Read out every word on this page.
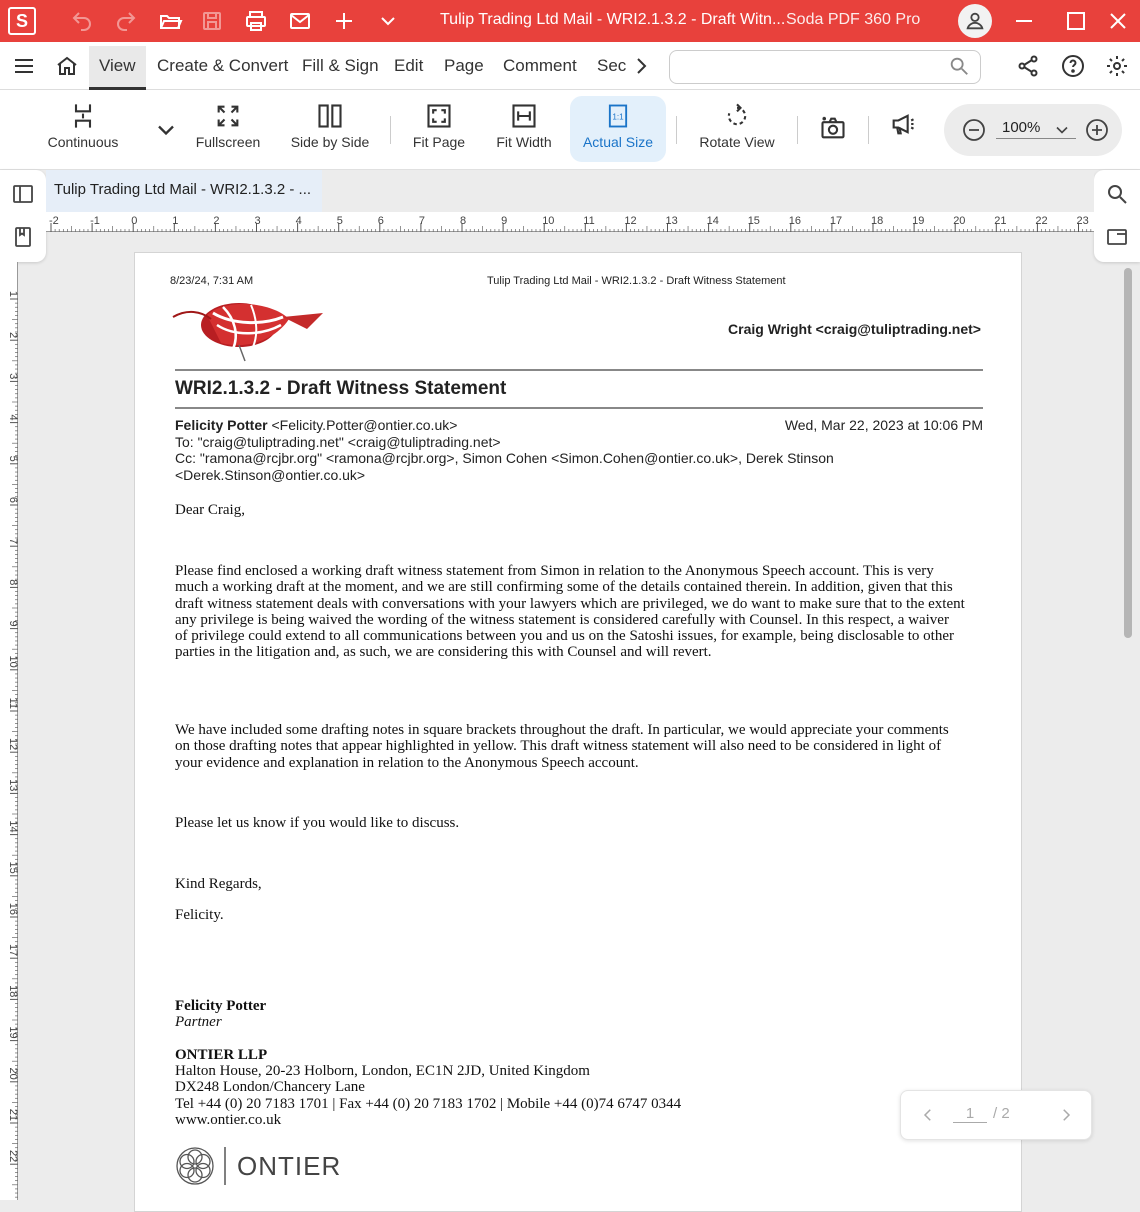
S	Tulip Trading Ltd Mail - WRI2.1.3.2 - Draft Witn... Soda PDF 360 Pro
View	Create & Convert Fill & Sign Edit Page Comment Sec
Continuous	Fullscreen	Side by Side	Fit Page	Fit Width
1:1
Actual Size	Rotate View
100%
Tulip Trading Ltd Mail - WRI2.1.3.2 - ...
-2	-1	0	1	2	3	4	5	6	7	8	9	10	11	12	13	14	15	16	17	18	19	20	21	22	23
1
2
3
4
5
6
7
8
9
10
11
12
13
14
15
16
17
18
19
20
21
22
8/23/24, 7:31 AM	Tulip Trading Ltd Mail - WRI2.1.3.2 - Draft Witness Statement
Craig Wright <craig@tuliptrading.net>
WRI2.1.3.2 - Draft Witness Statement
Felicity Potter <Felicity.Potter@ontier.co.uk>	Wed, Mar 22, 2023 at 10:06 PM
To: "craig@tuliptrading.net" <craig@tuliptrading.net>
Cc: "ramona@rcjbr.org" <ramona@rcjbr.org>, Simon Cohen <Simon.Cohen@ontier.co.uk>, Derek Stinson
<Derek.Stinson@ontier.co.uk>
Dear Craig,
Please find enclosed a working draft witness statement from Simon in relation to the Anonymous Speech account. This is very much a working draft at the moment, and we are still confirming some of the details contained therein. In addition, given that this draft witness statement deals with conversations with your lawyers which are privileged, we do want to make sure that to the extent any privilege is being waived the wording of the witness statement is considered carefully with Counsel. In this respect, a waiver of privilege could extend to all communications between you and us on the Satoshi issues, for example, being disclosable to other parties in the litigation and, as such, we are considering this with Counsel and will revert.
We have included some drafting notes in square brackets throughout the draft. In particular, we would appreciate your comments on those drafting notes that appear highlighted in yellow. This draft witness statement will also need to be considered in light of your evidence and explanation in relation to the Anonymous Speech account.
Please let us know if you would like to discuss.
Kind Regards,
Felicity.
Felicity Potter
Partner
ONTIER LLP
Halton House, 20-23 Holborn, London, EC1N 2JD, United Kingdom
DX248 London/Chancery Lane
Tel +44 (0) 20 7183 1701 | Fax +44 (0) 20 7183 1702 | Mobile +44 (0)74 6747 0344
www.ontier.co.uk
ONTIER
1	/ 2
